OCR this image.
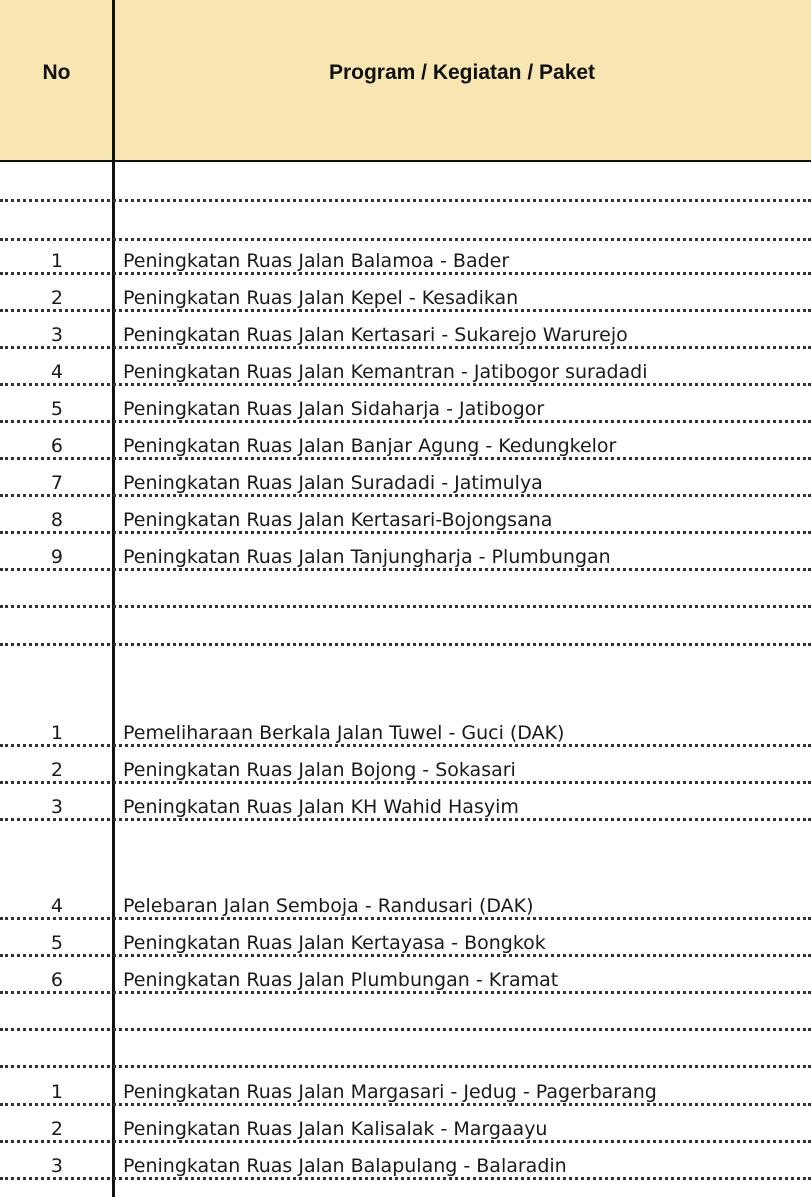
No	Program / Kegiatan / Paket
1	Peningkatan Ruas Jalan Balamoa - Bader
2	Peningkatan Ruas Jalan Kepel - Kesadikan
3	Peningkatan Ruas Jalan Kertasari - Sukarejo Warurejo
4	Peningkatan Ruas Jalan Kemantran - Jatibogor suradadi
5	Peningkatan Ruas Jalan Sidaharja - Jatibogor
6	Peningkatan Ruas Jalan Banjar Agung - Kedungkelor
7	Peningkatan Ruas Jalan Suradadi - Jatimulya
8	Peningkatan Ruas Jalan Kertasari-Bojongsana
9	Peningkatan Ruas Jalan Tanjungharja - Plumbungan
1	Pemeliharaan Berkala Jalan Tuwel - Guci (DAK)
2	Peningkatan Ruas Jalan Bojong - Sokasari
3	Peningkatan Ruas Jalan KH Wahid Hasyim
4	Pelebaran Jalan Semboja - Randusari (DAK)
5	Peningkatan Ruas Jalan Kertayasa - Bongkok
6	Peningkatan Ruas Jalan Plumbungan - Kramat
1	Peningkatan Ruas Jalan Margasari - Jedug - Pagerbarang
2	Peningkatan Ruas Jalan Kalisalak - Margaayu
3	Peningkatan Ruas Jalan Balapulang - Balaradin
